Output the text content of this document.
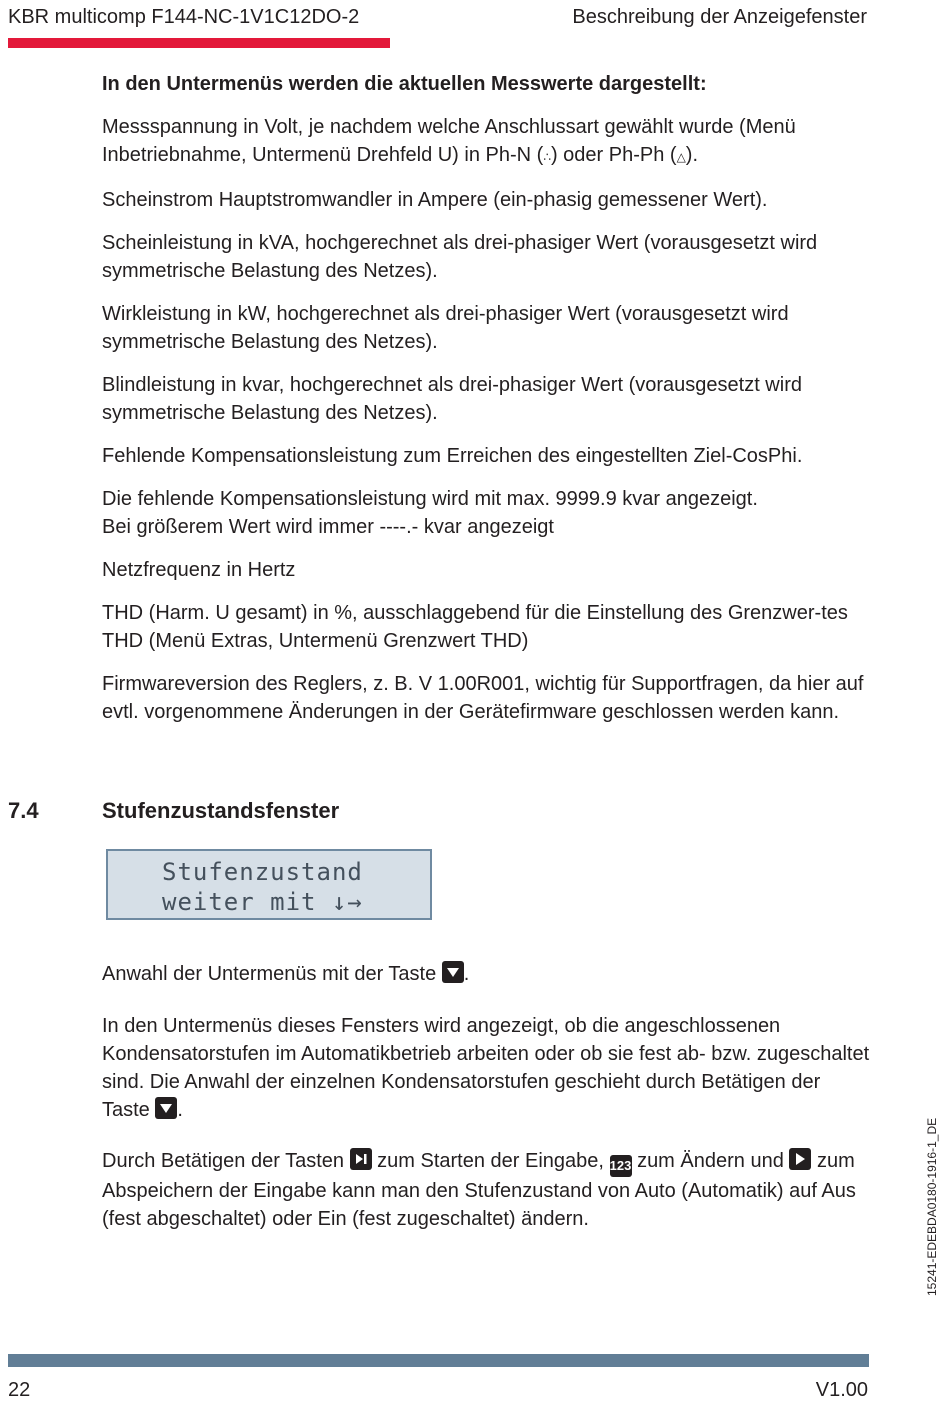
KBR multicomp F144-NC-1V1C12DO-2	Beschreibung der Anzeigefenster

In den Untermenüs werden die aktuellen Messwerte dargestellt:

Messspannung in Volt, je nachdem welche Anschlussart gewählt wurde (Menü Inbetriebnahme, Untermenü Drehfeld U) in Ph-N (∴) oder Ph-Ph (△).

Scheinstrom Hauptstromwandler in Ampere (ein-phasig gemessener Wert).

Scheinleistung in kVA, hochgerechnet als drei-phasiger Wert (vorausgesetzt wird symmetrische Belastung des Netzes).

Wirkleistung in kW, hochgerechnet als drei-phasiger Wert (vorausgesetzt wird symmetrische Belastung des Netzes).

Blindleistung in kvar, hochgerechnet als drei-phasiger Wert (vorausgesetzt wird symmetrische Belastung des Netzes).

Fehlende Kompensationsleistung zum Erreichen des eingestellten Ziel-CosPhi.

Die fehlende Kompensationsleistung wird mit max. 9999.9 kvar angezeigt.
Bei größerem Wert wird immer ----.- kvar angezeigt

Netzfrequenz in Hertz

THD (Harm. U gesamt) in %, ausschlaggebend für die Einstellung des Grenzwer-tes THD (Menü Extras, Untermenü Grenzwert THD)

Firmwareversion des Reglers, z. B. V 1.00R001, wichtig für Supportfragen, da hier auf evtl. vorgenommene Änderungen in der Gerätefirmware geschlossen werden kann.

7.4	Stufenzustandsfenster
Stufenzustand
weiter mit ↓→

Anwahl der Untermenüs mit der Taste .

In den Untermenüs dieses Fensters wird angezeigt, ob die angeschlossenen Kondensatorstufen im Automatikbetrieb arbeiten oder ob sie fest ab- bzw. zugeschaltet sind. Die Anwahl der einzelnen Kondensatorstufen geschieht durch Betätigen der Taste .

Durch Betätigen der Tasten zum Starten der Eingabe, 123 zum Ändern und zum Abspeichern der Eingabe kann man den Stufenzustand von Auto (Automatik) auf Aus (fest abgeschaltet) oder Ein (fest zugeschaltet) ändern.	15241-EDEBDA0180-1916-1_DE
22	V1.00
